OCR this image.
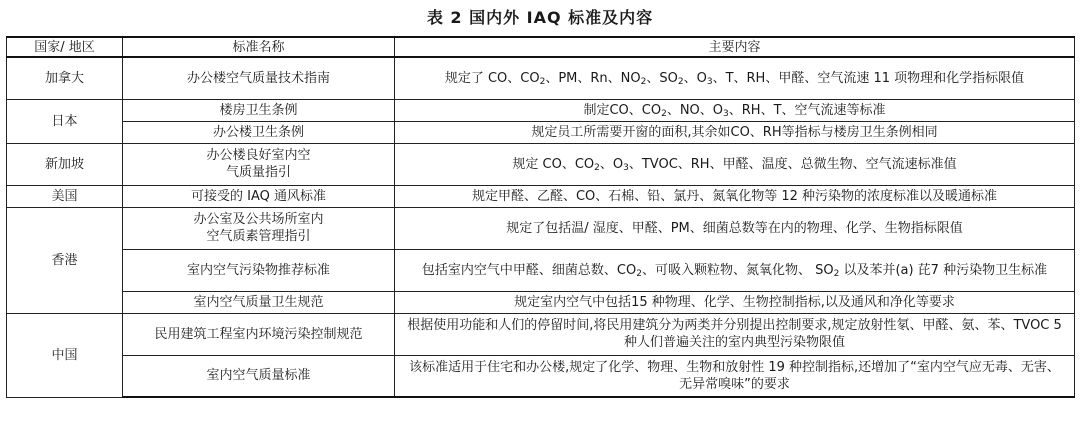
表 2 国内外 IAQ 标准及内容
国家/ 地区	标准名称	主要内容
加拿大	办公楼空气质量技术指南	规定了 CO、$CO_2$、PM、Rn、$NO_2$、$SO_2$、$O_3$、T、RH、甲醛、空气流速 11 项物理和化学指标限值
日本	楼房卫生条例	制定CO、$CO_2$、NO、$O_3$、RH、T、空气流速等标准
	办公楼卫生条例	规定员工所需要开窗的面积,其余如CO、RH等指标与楼房卫生条例相同
新加坡	办公楼良好室内空气质量指引	规定 CO、$CO_2$、$O_3$、TVOC、RH、甲醛、温度、总微生物、空气流速标准值
美国	可接受的 IAQ 通风标准	规定甲醛、乙醛、CO、石棉、铅、氯丹、氮氧化物等 12 种污染物的浓度标准以及暖通标准
香港	办公室及公共场所室内空气质素管理指引	规定了包括温/ 湿度、甲醛、PM、细菌总数等在内的物理、化学、生物指标限值
	室内空气污染物推荐标准	包括室内空气中甲醛、细菌总数、$CO_2$、可吸入颗粒物、氮氧化物、 $SO_2$ 以及苯并(a) 芘7 种污染物卫生标准
	室内空气质量卫生规范	规定室内空气中包括15 种物理、化学、生物控制指标,以及通风和净化等要求
中国	民用建筑工程室内环境污染控制规范	根据使用功能和人们的停留时间,将民用建筑分为两类并分别提出控制要求,规定放射性氡、甲醛、氨、苯、TVOC 5种人们普遍关注的室内典型污染物限值
	室内空气质量标准	该标准适用于住宅和办公楼,规定了化学、物理、生物和放射性 19 种控制指标,还增加了“室内空气应无毒、无害、无异常嗅味”的要求
